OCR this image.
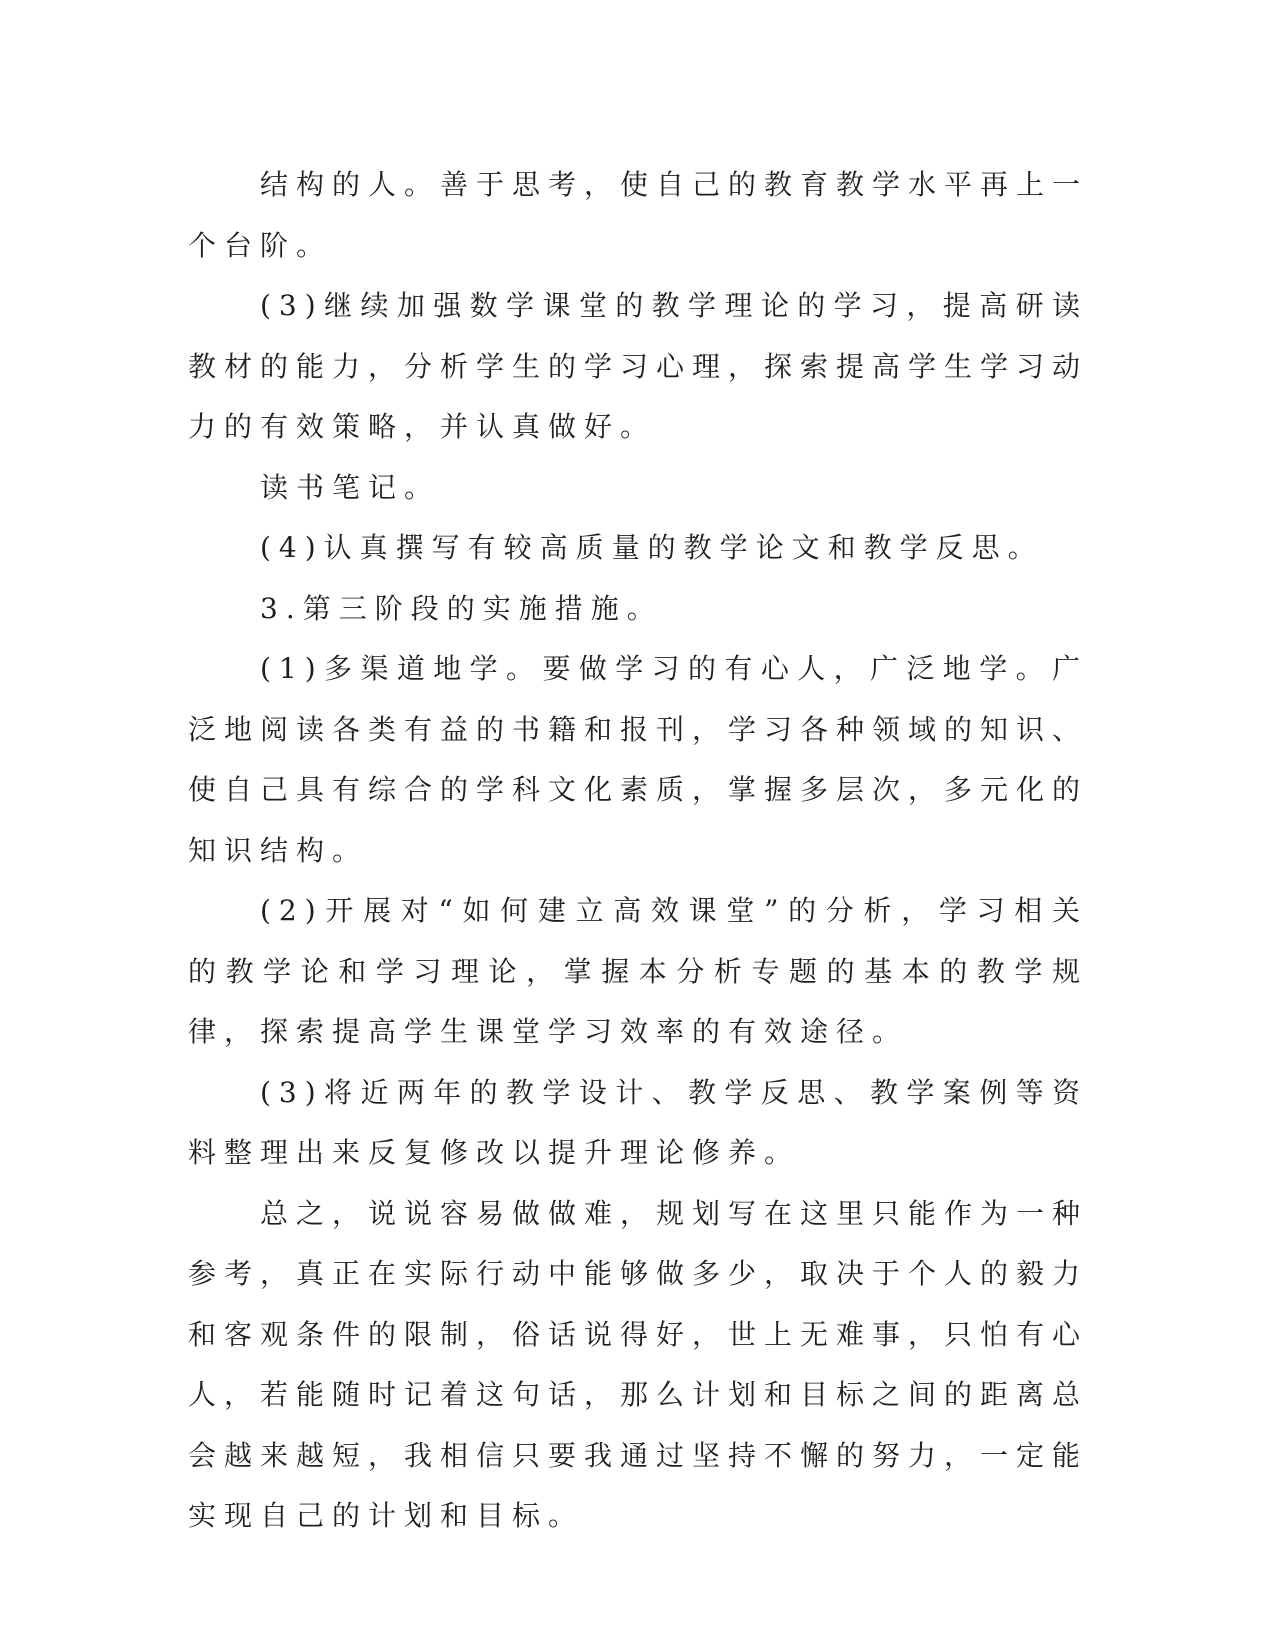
结构的人。善于思考，使自己的教育教学水平再上一个台阶。

(3)继续加强数学课堂的教学理论的学习，提高研读教材的能力，分析学生的学习心理，探索提高学生学习动力的有效策略，并认真做好。

读书笔记。

(4)认真撰写有较高质量的教学论文和教学反思。

3.第三阶段的实施措施。

(1)多渠道地学。要做学习的有心人，广泛地学。广泛地阅读各类有益的书籍和报刊，学习各种领域的知识、使自己具有综合的学科文化素质，掌握多层次，多元化的知识结构。

(2)开展对“如何建立高效课堂”的分析，学习相关的教学论和学习理论，掌握本分析专题的基本的教学规律，探索提高学生课堂学习效率的有效途径。

(3)将近两年的教学设计、教学反思、教学案例等资料整理出来反复修改以提升理论修养。

总之，说说容易做做难，规划写在这里只能作为一种参考，真正在实际行动中能够做多少，取决于个人的毅力和客观条件的限制，俗话说得好，世上无难事，只怕有心人，若能随时记着这句话，那么计划和目标之间的距离总会越来越短，我相信只要我通过坚持不懈的努力，一定能实现自己的计划和目标。
